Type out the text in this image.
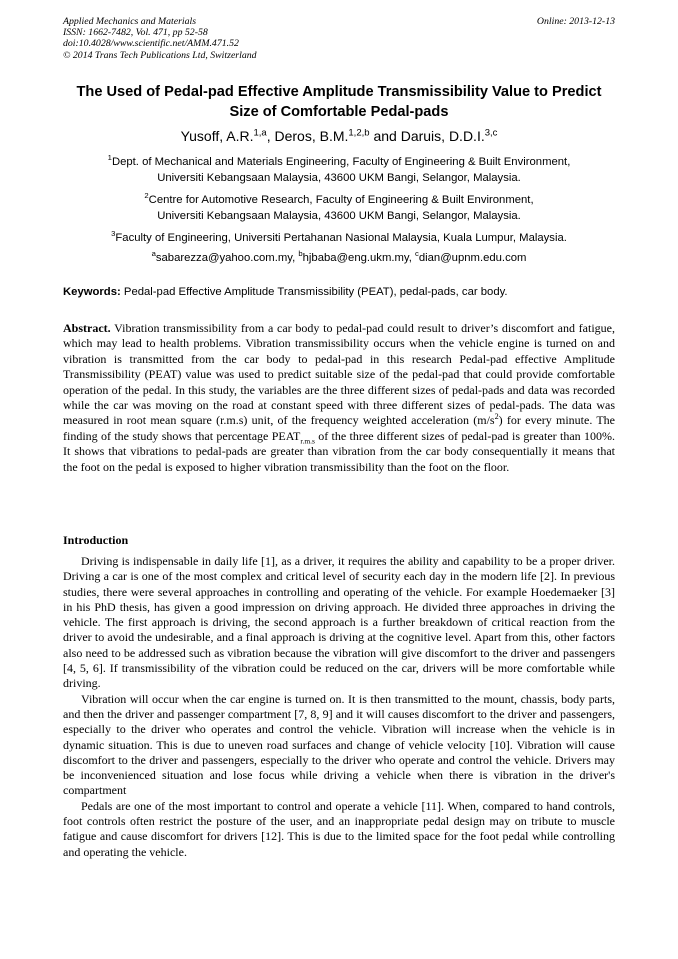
Applied Mechanics and Materials
ISSN: 1662-7482, Vol. 471, pp 52-58
doi:10.4028/www.scientific.net/AMM.471.52
© 2014 Trans Tech Publications Ltd, Switzerland
Online: 2013-12-13
The Used of Pedal-pad Effective Amplitude Transmissibility Value to Predict Size of Comfortable Pedal-pads
Yusoff, A.R.$^{1,a}$, Deros, B.M.$^{1,2,b}$ and Daruis, D.D.I.$^{3,c}$
$^1$Dept. of Mechanical and Materials Engineering, Faculty of Engineering & Built Environment,
Universiti Kebangsaan Malaysia, 43600 UKM Bangi, Selangor, Malaysia.
$^2$Centre for Automotive Research, Faculty of Engineering & Built Environment,
Universiti Kebangsaan Malaysia, 43600 UKM Bangi, Selangor, Malaysia.
$^3$Faculty of Engineering, Universiti Pertahanan Nasional Malaysia, Kuala Lumpur, Malaysia.
$^a$sabarezza@yahoo.com.my, $^b$hjbaba@eng.ukm.my, $^c$dian@upnm.edu.com
Keywords: Pedal-pad Effective Amplitude Transmissibility (PEAT), pedal-pads, car body.
Abstract. Vibration transmissibility from a car body to pedal-pad could result to driver’s discomfort and fatigue, which may lead to health problems. Vibration transmissibility occurs when the vehicle engine is turned on and vibration is transmitted from the car body to pedal-pad in this research Pedal-pad effective Amplitude Transmissibility (PEAT) value was used to predict suitable size of the pedal-pad that could provide comfortable operation of the pedal. In this study, the variables are the three different sizes of pedal-pads and data was recorded while the car was moving on the road at constant speed with three different sizes of pedal-pads. The data was measured in root mean square (r.m.s) unit, of the frequency weighted acceleration $(m/s^2)$ for every minute. The finding of the study shows that percentage $PEAT_{r.m.s}$ of the three different sizes of pedal-pad is greater than 100%. It shows that vibrations to pedal-pads are greater than vibration from the car body consequentially it means that the foot on the pedal is exposed to higher vibration transmissibility than the foot on the floor.
Introduction

Driving is indispensable in daily life [1], as a driver, it requires the ability and capability to be a proper driver. Driving a car is one of the most complex and critical level of security each day in the modern life [2]. In previous studies, there were several approaches in controlling and operating of the vehicle. For example Hoedemaeker [3] in his PhD thesis, has given a good impression on driving approach. He divided three approaches in driving the vehicle. The first approach is driving, the second approach is a further breakdown of critical reaction from the driver to avoid the undesirable, and a final approach is driving at the cognitive level. Apart from this, other factors also need to be addressed such as vibration because the vibration will give discomfort to the driver and passengers [4, 5, 6]. If transmissibility of the vibration could be reduced on the car, drivers will be more comfortable while driving.

Vibration will occur when the car engine is turned on. It is then transmitted to the mount, chassis, body parts, and then the driver and passenger compartment [7, 8, 9] and it will causes discomfort to the driver and passengers, especially to the driver who operates and control the vehicle. Vibration will increase when the vehicle is in dynamic situation. This is due to uneven road surfaces and change of vehicle velocity [10]. Vibration will cause discomfort to the driver and passengers, especially to the driver who operate and control the vehicle. Drivers may be inconvenienced situation and lose focus while driving a vehicle when there is vibration in the driver's compartment

Pedals are one of the most important to control and operate a vehicle [11]. When, compared to hand controls, foot controls often restrict the posture of the user, and an inappropriate pedal design may on tribute to muscle fatigue and cause discomfort for drivers [12]. This is due to the limited space for the foot pedal while controlling and operating the vehicle.
